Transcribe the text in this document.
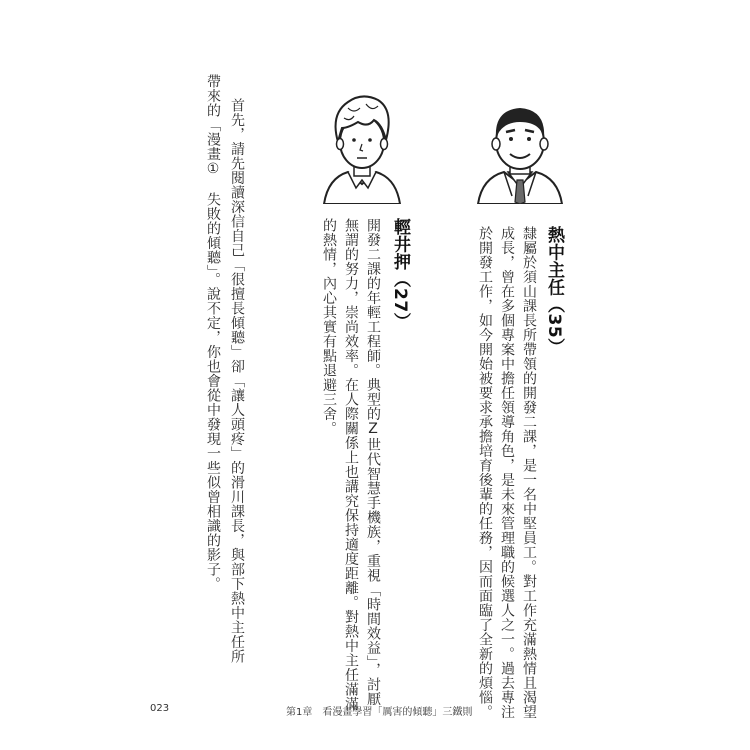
熱中主任（35）
隸屬於須山課長所帶領的開發二課，是一名中堅員工。對工作充滿熱情且渴望
成長，曾在多個專案中擔任領導角色，是未來管理職的候選人之一。過去專注
於開發工作，如今開始被要求承擔培育後輩的任務，因而面臨了全新的煩惱。
輕井押（27）
開發二課的年輕工程師。典型的Z世代智慧手機族，重視「時間效益」，討厭
無謂的努力，崇尚效率。在人際關係上也講究保持適度距離。對熱中主任滿滿
的熱情，內心其實有點退避三舍。
首先，請先閱讀深信自己「很擅長傾聽」卻「讓人頭疼」的滑川課長，與部下熱中主任所
帶來的「漫畫①　失敗的傾聽」。說不定，你也會從中發現一些似曾相識的影子。
023	第1章　看漫畫學習「厲害的傾聽」三鐵則
